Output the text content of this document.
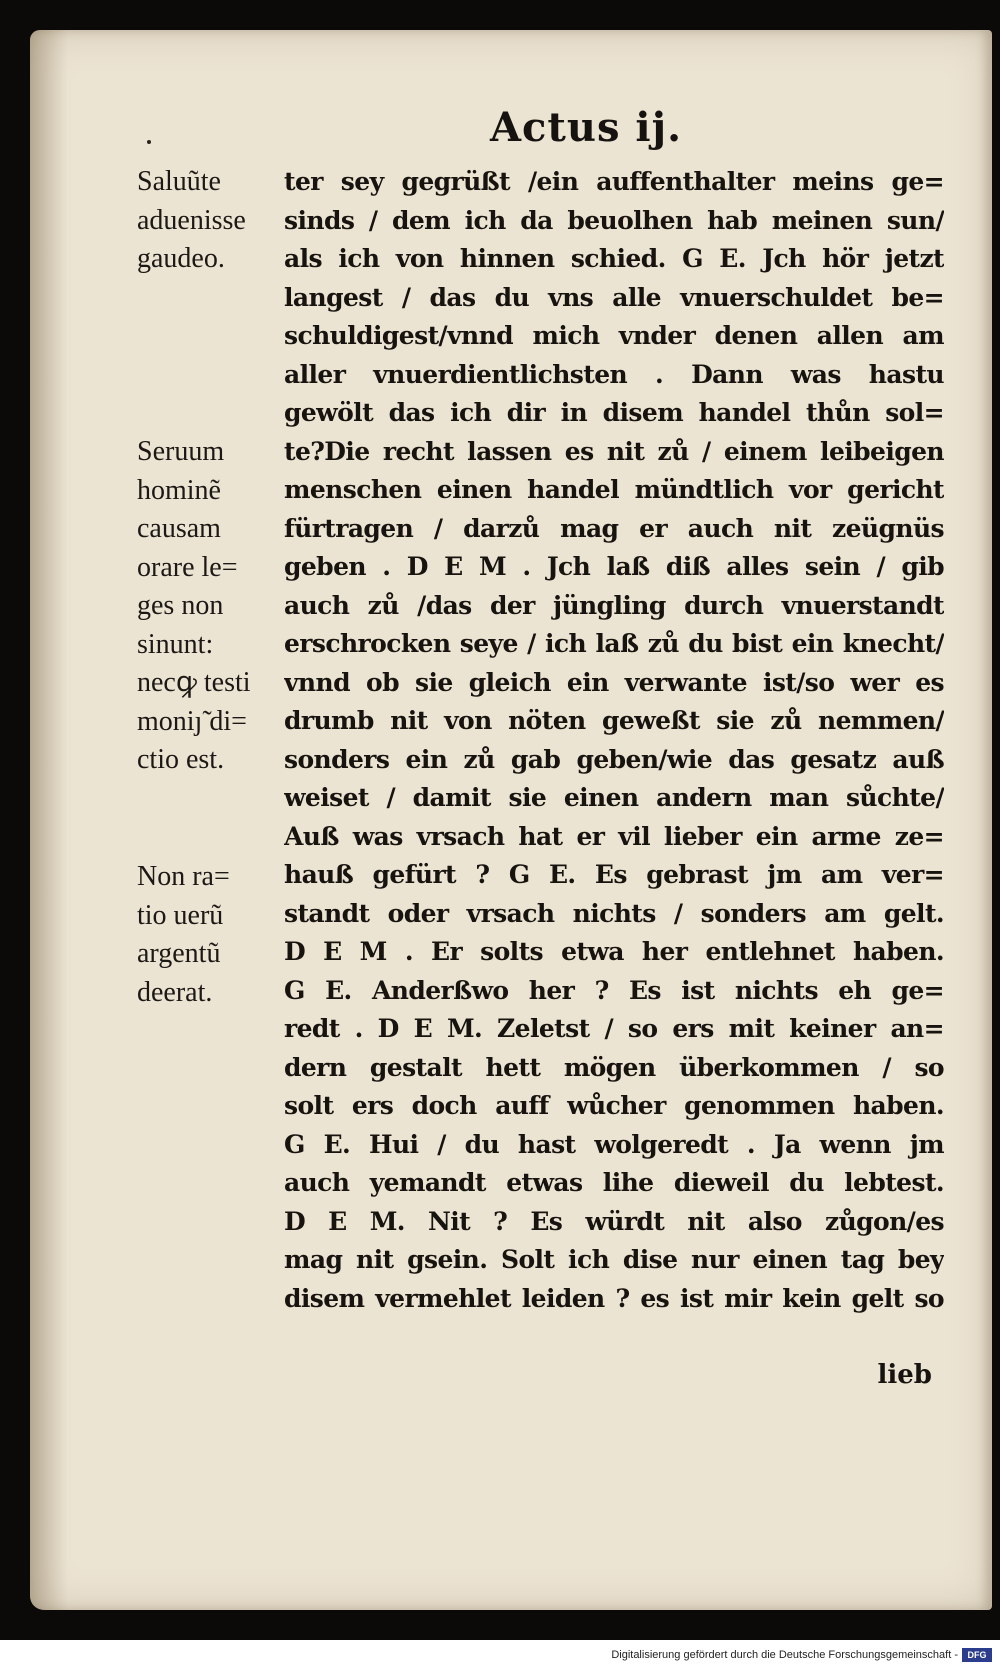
Actus ij.
Saluũte
aduenisse
gaudeo.
Seruum
hominẽ
causam
orare le=
ges non
sinunt:
necꝙ testi
moniȷ̃ di=
ctio est.
Non ra=
tio uerũ
argentũ
deerat.
ter sey gegrüßt /ein auffenthalter meins ge=
sinds / dem ich da beuolhen hab meinen sun/
als ich von hinnen schied. G E. Jch hör jetzt
langest / das du vns alle vnuerschuldet be=
schuldigest/vnnd mich vnder denen allen am
aller vnuerdientlichsten . Dann was hastu
gewölt das ich dir in disem handel thůn sol=
te?Die recht lassen es nit zů / einem leibeigen
menschen einen handel mündtlich vor gericht
fürtragen / darzů mag er auch nit zeügnüs
geben . D E M . Jch laß diß alles sein / gib
auch zů /das der jüngling durch vnuerstandt
erschrocken seye / ich laß zů du bist ein knecht/
vnnd ob sie gleich ein verwante ist/so wer es
drumb nit von nöten geweßt sie zů nemmen/
sonders ein zů gab geben/wie das gesatz auß
weiset / damit sie einen andern man sůchte/
Auß was vrsach hat er vil lieber ein arme ze=
hauß gefürt ? G E. Es gebrast jm am ver=
standt oder vrsach nichts / sonders am gelt.
D E M . Er solts etwa her entlehnet haben.
G E. Anderßwo her ? Es ist nichts eh ge=
redt . D E M. Zeletst / so ers mit keiner an=
dern gestalt hett mögen überkommen / so
solt ers doch auff wůcher genommen haben.
G E. Hui / du hast wolgeredt . Ja wenn jm
auch yemandt etwas lihe dieweil du lebtest.
D E M. Nit ? Es würdt nit also zůgon/es
mag nit gsein. Solt ich dise nur einen tag bey
disem vermehlet leiden ? es ist mir kein gelt so
lieb
Digitalisierung gefördert durch die Deutsche Forschungsgemeinschaft -	DFG
